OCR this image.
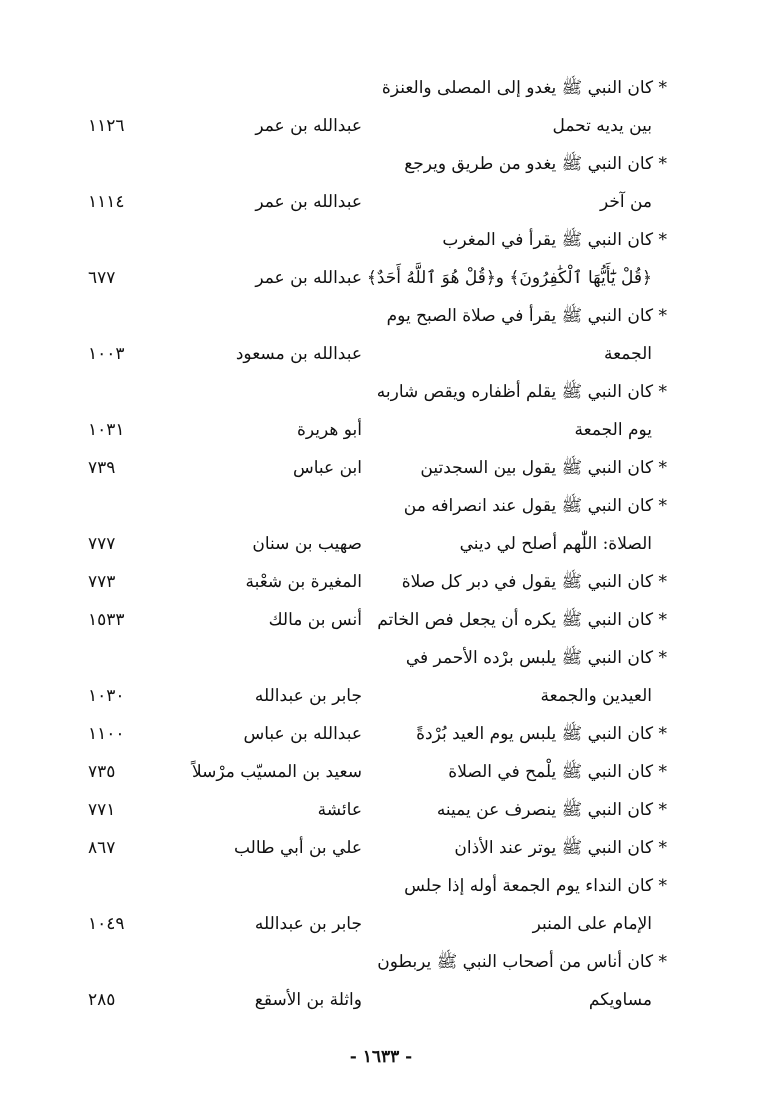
* كان النبي ﷺ يغدو إلى المصلى والعنزة
بين يديه تحمل
عبدالله بن عمر
١١٢٦
* كان النبي ﷺ يغدو من طريق ويرجع
من آخر
عبدالله بن عمر
١١١٤
* كان النبي ﷺ يقرأ في المغرب
﴿قُلْ يَٰٓأَيُّهَا ٱلْكَٰفِرُونَ﴾ و﴿قُلْ هُوَ ٱللَّهُ أَحَدٌ﴾
عبدالله بن عمر
٦٧٧
* كان النبي ﷺ يقرأ في صلاة الصبح يوم
الجمعة
عبدالله بن مسعود
١٠٠٣
* كان النبي ﷺ يقلم أظفاره ويقص شاربه
يوم الجمعة
أبو هريرة
١٠٣١
* كان النبي ﷺ يقول بين السجدتين
ابن عباس
٧٣٩
* كان النبي ﷺ يقول عند انصرافه من
الصلاة: اللّٰهم أصلح لي ديني
صهيب بن سنان
٧٧٧
* كان النبي ﷺ يقول في دبر كل صلاة
المغيرة بن شعْبة
٧٧٣
* كان النبي ﷺ يكره أن يجعل فص الخاتم
أنس بن مالك
١٥٣٣
* كان النبي ﷺ يلبس برْده الأحمر في
العيدين والجمعة
جابر بن عبدالله
١٠٣٠
* كان النبي ﷺ يلبس يوم العيد بُرْدةً
عبدالله بن عباس
١١٠٠
* كان النبي ﷺ يلْمح في الصلاة
سعيد بن المسيّب مرْسلاً
٧٣٥
* كان النبي ﷺ ينصرف عن يمينه
عائشة
٧٧١
* كان النبي ﷺ يوتر عند الأذان
علي بن أبي طالب
٨٦٧
* كان النداء يوم الجمعة أوله إذا جلس
الإمام على المنبر
جابر بن عبدالله
١٠٤٩
* كان أناس من أصحاب النبي ﷺ يربطون
مساويكم
واثلة بن الأسقع
٢٨٥
- ١٦٣٣ -
